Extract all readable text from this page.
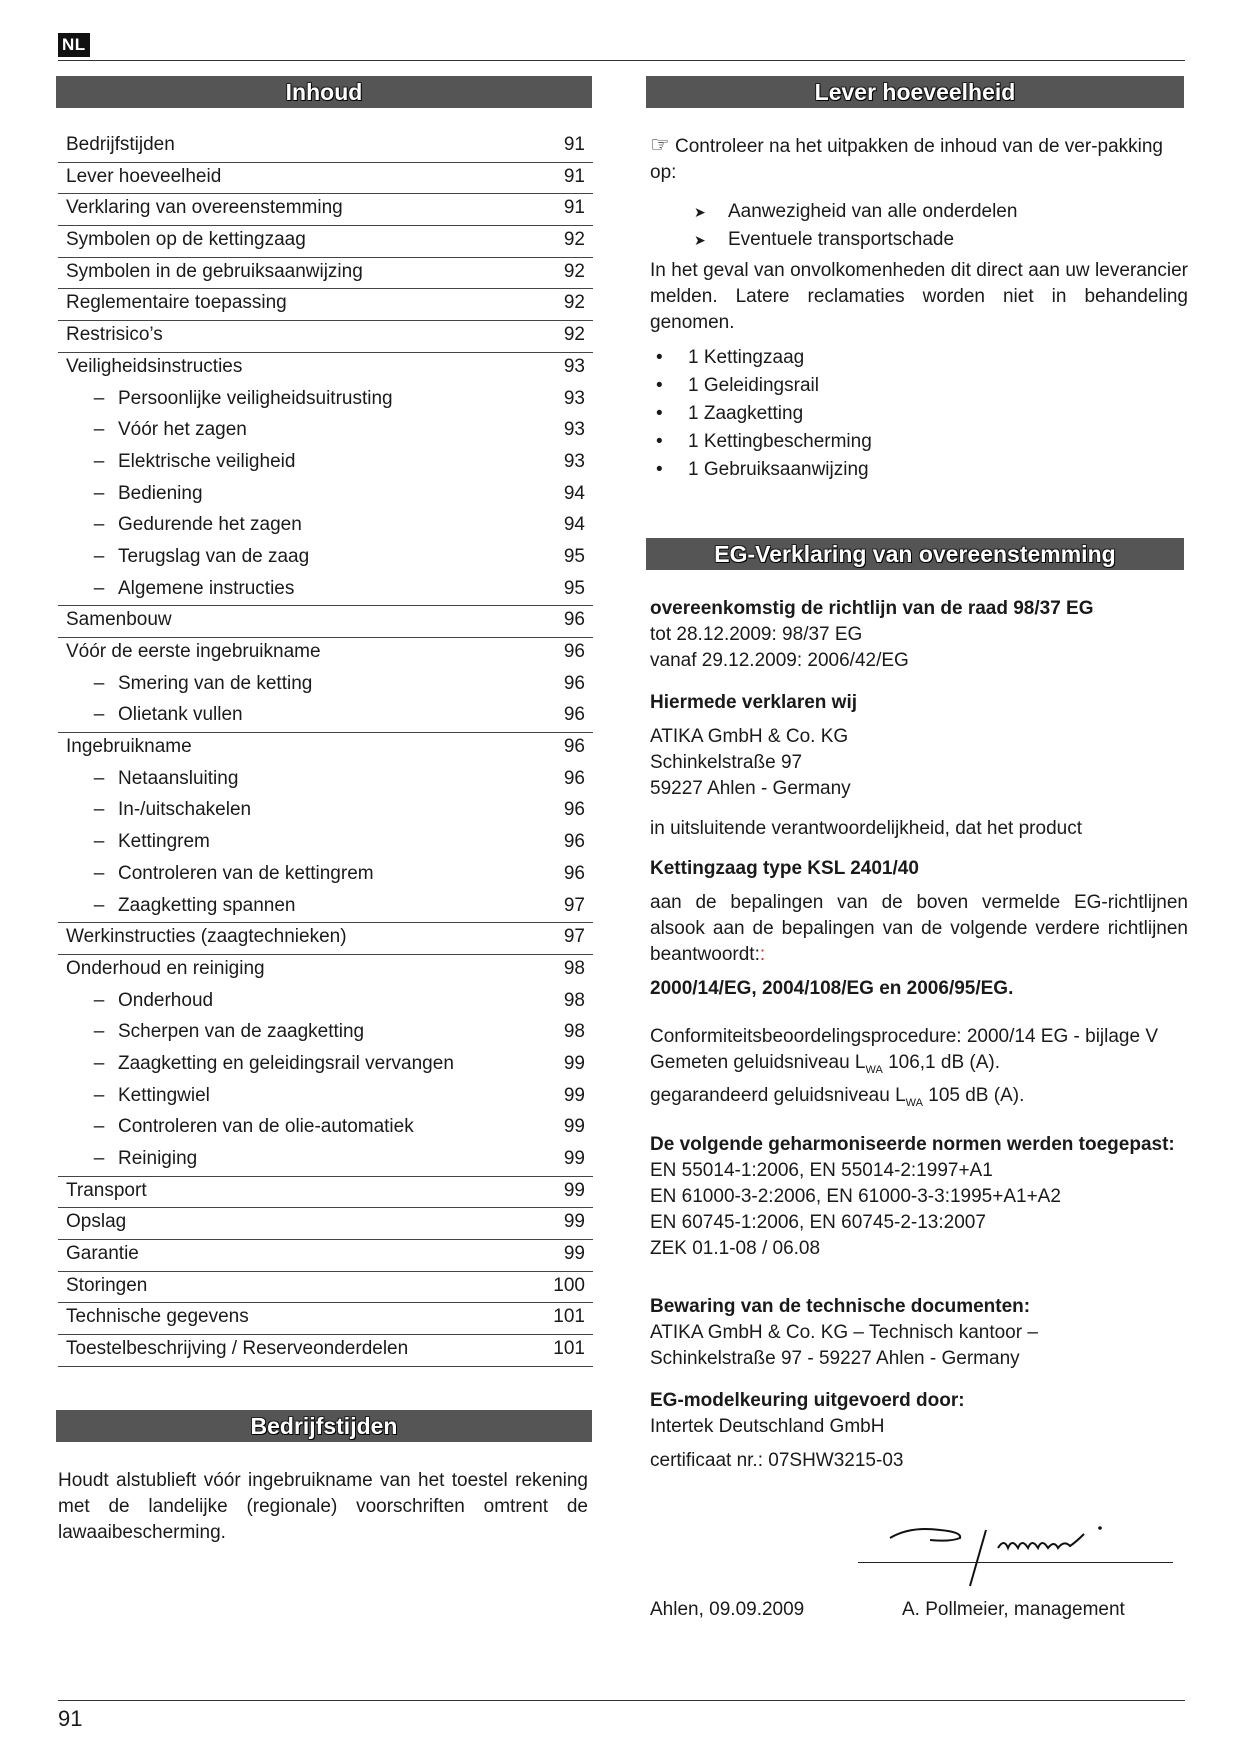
NL
Inhoud
Bedrijfstijden	91
Lever hoeveelheid	91
Verklaring van overeenstemming	91
Symbolen op de kettingzaag	92
Symbolen in de gebruiksaanwijzing	92
Reglementaire toepassing	92
Restrisico’s	92
Veiligheidsinstructies	93
– Persoonlijke veiligheidsuitrusting	93
– Vóór het zagen	93
– Elektrische veiligheid	93
– Bediening	94
– Gedurende het zagen	94
– Terugslag van de zaag	95
– Algemene instructies	95
Samenbouw	96
Vóór de eerste ingebruikname	96
– Smering van de ketting	96
– Olietank vullen	96
Ingebruikname	96
– Netaansluiting	96
– In-/uitschakelen	96
– Kettingrem	96
– Controleren van de kettingrem	96
– Zaagketting spannen	97
Werkinstructies (zaagtechnieken)	97
Onderhoud en reiniging	98
– Onderhoud	98
– Scherpen van de zaagketting	98
– Zaagketting en geleidingsrail vervangen	99
– Kettingwiel	99
– Controleren van de olie-automatiek	99
– Reiniging	99
Transport	99
Opslag	99
Garantie	99
Storingen	100
Technische gegevens	101
Toestelbeschrijving / Reserveonderdelen	101
Bedrijfstijden

Houdt alstublieft vóór ingebruikname van het toestel rekening met de landelijke (regionale) voorschriften omtrent de lawaaibescherming.

Lever hoeveelheid

☞ Controleer na het uitpakken de inhoud van de ver-pakking op:

➤ Aanwezigheid van alle onderdelen
➤ Eventuele transportschade

In het geval van onvolkomenheden dit direct aan uw leverancier melden. Latere reclamaties worden niet in behandeling genomen.

• 1 Kettingzaag
• 1 Geleidingsrail
• 1 Zaagketting
• 1 Kettingbescherming
• 1 Gebruiksaanwijzing
EG-Verklaring van overeenstemming

overeenkomstig de richtlijn van de raad 98/37 EG

tot 28.12.2009: 98/37 EG

vanaf 29.12.2009: 2006/42/EG

Hiermede verklaren wij

ATIKA GmbH & Co. KG

Schinkelstraße 97

59227 Ahlen - Germany

in uitsluitende verantwoordelijkheid, dat het product

Kettingzaag type KSL 2401/40

aan de bepalingen van de boven vermelde EG-richtlijnen alsook aan de bepalingen van de volgende verdere richtlijnen beantwoordt::

2000/14/EG, 2004/108/EG en 2006/95/EG.

Conformiteitsbeoordelingsprocedure: 2000/14 EG - bijlage V

Gemeten geluidsniveau $L_{WA}$ 106,1 dB (A).

gegarandeerd geluidsniveau $L_{WA}$ 105 dB (A).

De volgende geharmoniseerde normen werden toegepast:

EN 55014-1:2006, EN 55014-2:1997+A1

EN 61000-3-2:2006, EN 61000-3-3:1995+A1+A2

EN 60745-1:2006, EN 60745-2-13:2007

ZEK 01.1-08 / 06.08

Bewaring van de technische documenten:

ATIKA GmbH & Co. KG – Technisch kantoor –

Schinkelstraße 97 - 59227 Ahlen - Germany

EG-modelkeuring uitgevoerd door:

Intertek Deutschland GmbH

certificaat nr.: 07SHW3215-03

Ahlen, 09.09.2009	A. Pollmeier, management

91
